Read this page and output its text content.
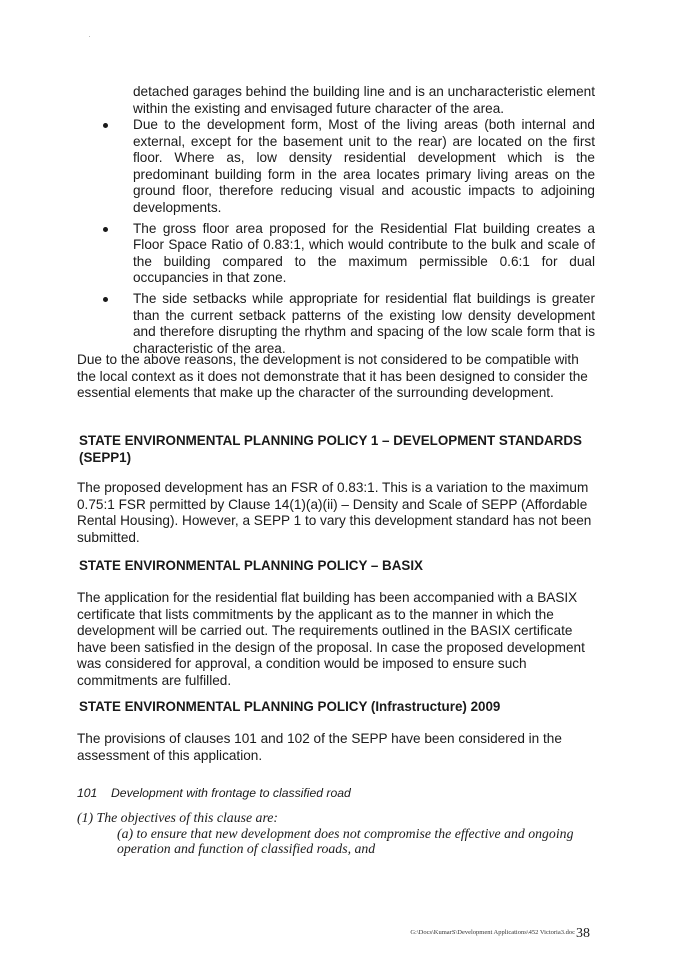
detached garages behind the building line and is an uncharacteristic element within the existing and envisaged future character of the area.

Due to the development form, Most of the living areas (both internal and external, except for the basement unit to the rear) are located on the first floor. Where as, low density residential development which is the predominant building form in the area locates primary living areas on the ground floor, therefore reducing visual and acoustic impacts to adjoining developments.
The gross floor area proposed for the Residential Flat building creates a Floor Space Ratio of 0.83:1, which would contribute to the bulk and scale of the building compared to the maximum permissible 0.6:1 for dual occupancies in that zone.
The side setbacks while appropriate for residential flat buildings is greater than the current setback patterns of the existing low density development and therefore disrupting the rhythm and spacing of the low scale form that is characteristic of the area.

Due to the above reasons, the development is not considered to be compatible with the local context as it does not demonstrate that it has been designed to consider the essential elements that make up the character of the surrounding development.

STATE ENVIRONMENTAL PLANNING POLICY 1 – DEVELOPMENT STANDARDS (SEPP1)

The proposed development has an FSR of 0.83:1. This is a variation to the maximum 0.75:1 FSR permitted by Clause 14(1)(a)(ii) – Density and Scale of SEPP (Affordable Rental Housing). However, a SEPP 1 to vary this development standard has not been submitted.

STATE ENVIRONMENTAL PLANNING POLICY – BASIX

The application for the residential flat building has been accompanied with a BASIX certificate that lists commitments by the applicant as to the manner in which the development will be carried out. The requirements outlined in the BASIX certificate have been satisfied in the design of the proposal. In case the proposed development was considered for approval, a condition would be imposed to ensure such commitments are fulfilled.

STATE ENVIRONMENTAL PLANNING POLICY (Infrastructure) 2009

The provisions of clauses 101 and 102 of the SEPP have been considered in the assessment of this application.

101 Development with frontage to classified road

(1) The objectives of this clause are:
(a) to ensure that new development does not compromise the effective and ongoing operation and function of classified roads, and
G:\Docs\KumarS\Development Applications\452 Victoria3.doc38
